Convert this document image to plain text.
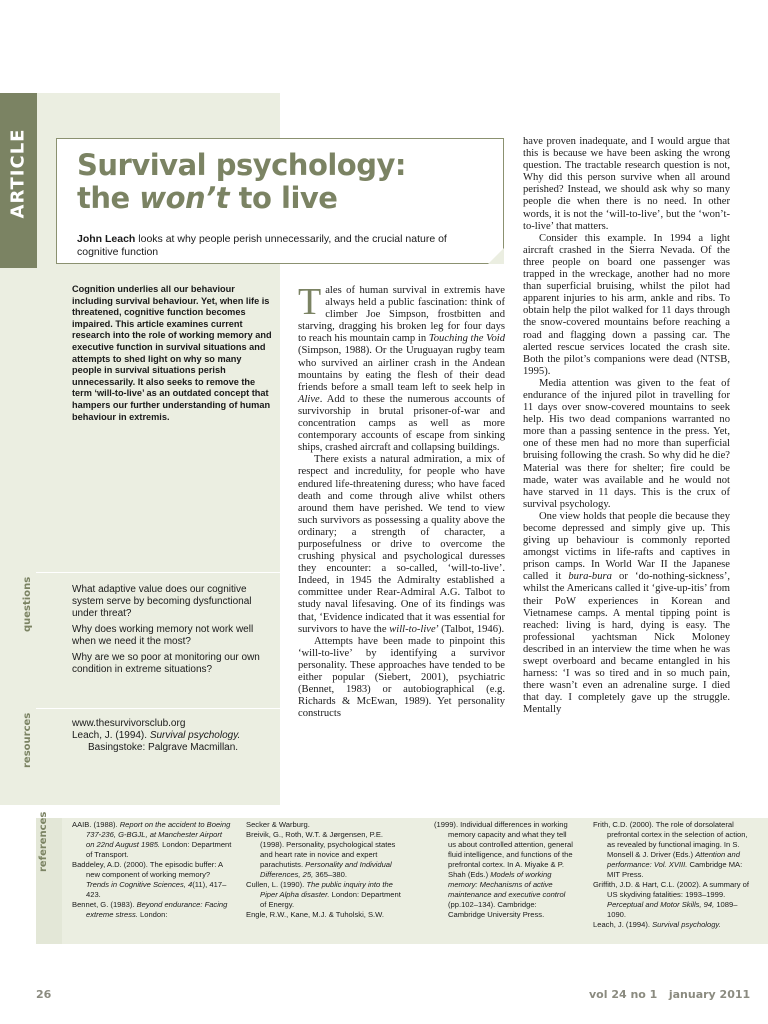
ARTICLE Survival psychology:
the won’t to live
John Leach looks at why people perish unnecessarily, and the crucial nature of cognitive function
Cognition underlies all our behaviour including survival behaviour. Yet, when life is threatened, cognitive function becomes impaired. This article examines current research into the role of working memory and executive function in survival situations and attempts to shed light on why so many people in survival situations perish unnecessarily. It also seeks to remove the term ‘will-to-live’ as an outdated concept that hampers our further understanding of human behaviour in extremis.
questions	What adaptive value does our cognitive system serve by becoming dysfunctional under threat?

Why does working memory not work well when we need it the most?

Why are we so poor at monitoring our own condition in extreme situations?

resources	www.thesurvivorsclub.org
Leach, J. (1994). Survival psychology.
Basingstoke: Palgrave Macmillan.

Tales of human survival in extremis have always held a public fascination: think of climber Joe Simpson, frostbitten and starving, dragging his broken leg for four days to reach his mountain camp in Touching the Void (Simpson, 1988). Or the Uruguayan rugby team who survived an airliner crash in the Andean mountains by eating the flesh of their dead friends before a small team left to seek help in Alive. Add to these the numerous accounts of survivorship in brutal prisoner-of-war and concentration camps as well as more contemporary accounts of escape from sinking ships, crashed aircraft and collapsing buildings.

There exists a natural admiration, a mix of respect and incredulity, for people who have endured life-threatening duress; who have faced death and come through alive whilst others around them have perished. We tend to view such survivors as possessing a quality above the ordinary; a strength of character, a purposefulness or drive to overcome the crushing physical and psychological duresses they encounter: a so-called, ‘will-to-live’. Indeed, in 1945 the Admiralty established a committee under Rear-Admiral A.G. Talbot to study naval lifesaving. One of its findings was that, ‘Evidence indicated that it was essential for survivors to have the will-to-live’ (Talbot, 1946).

Attempts have been made to pinpoint this ‘will-to-live’ by identifying a survivor personality. These approaches have tended to be either popular (Siebert, 2001), psychiatric (Bennet, 1983) or autobiographical (e.g. Richards & McEwan, 1989). Yet personality constructs

have proven inadequate, and I would argue that this is because we have been asking the wrong question. The tractable research question is not, Why did this person survive when all around perished? Instead, we should ask why so many people die when there is no need. In other words, it is not the ‘will-to-live’, but the ‘won’t-to-live’ that matters.

Consider this example. In 1994 a light aircraft crashed in the Sierra Nevada. Of the three people on board one passenger was trapped in the wreckage, another had no more than superficial bruising, whilst the pilot had apparent injuries to his arm, ankle and ribs. To obtain help the pilot walked for 11 days through the snow-covered mountains before reaching a road and flagging down a passing car. The alerted rescue services located the crash site. Both the pilot’s companions were dead (NTSB, 1995).

Media attention was given to the feat of endurance of the injured pilot in travelling for 11 days over snow-covered mountains to seek help. His two dead companions warranted no more than a passing sentence in the press. Yet, one of these men had no more than superficial bruising following the crash. So why did he die? Material was there for shelter; fire could be made, water was available and he would not have starved in 11 days. This is the crux of survival psychology.

One view holds that people die because they become depressed and simply give up. This giving up behaviour is commonly reported amongst victims in life-rafts and captives in prison camps. In World War II the Japanese called it bura-bura or ‘do-nothing-sickness’, whilst the Americans called it ‘give-up-itis’ from their PoW experiences in Korean and Vietnamese camps. A mental tipping point is reached: living is hard, dying is easy. The professional yachtsman Nick Moloney described in an interview the time when he was swept overboard and became entangled in his harness: ‘I was so tired and in so much pain, there wasn’t even an adrenaline surge. I died that day. I completely gave up the struggle. Mentally

references	AAIB. (1988). Report on the accident to Boeing 737-236, G-BGJL, at Manchester Airport on 22nd August 1985. London: Department of Transport.
Baddeley, A.D. (2000). The episodic buffer: A new component of working memory? Trends in Cognitive Sciences, 4(11), 417–423.
Bennet, G. (1983). Beyond endurance: Facing extreme stress. London:
Secker & Warburg.
Breivik, G., Roth, W.T. & Jørgensen, P.E. (1998). Personality, psychological states and heart rate in novice and expert parachutists. Personality and Individual Differences, 25, 365–380.
Cullen, L. (1990). The public inquiry into the Piper Alpha disaster. London: Department of Energy.
Engle, R.W., Kane, M.J. & Tuholski, S.W.
(1999). Individual differences in working memory capacity and what they tell us about controlled attention, general fluid intelligence, and functions of the prefrontal cortex. In A. Miyake & P. Shah (Eds.) Models of working memory: Mechanisms of active maintenance and executive control (pp.102–134). Cambridge: Cambridge University Press.
Frith, C.D. (2000). The role of dorsolateral prefrontal cortex in the selection of action, as revealed by functional imaging. In S. Monsell & J. Driver (Eds.) Attention and performance: Vol. XVIII. Cambridge MA: MIT Press.
Griffith, J.D. & Hart, C.L. (2002). A summary of US skydiving fatalities: 1993–1999. Perceptual and Motor Skills, 94, 1089–1090.
Leach, J. (1994). Survival psychology.
26	vol 24 no 1 january 2011
